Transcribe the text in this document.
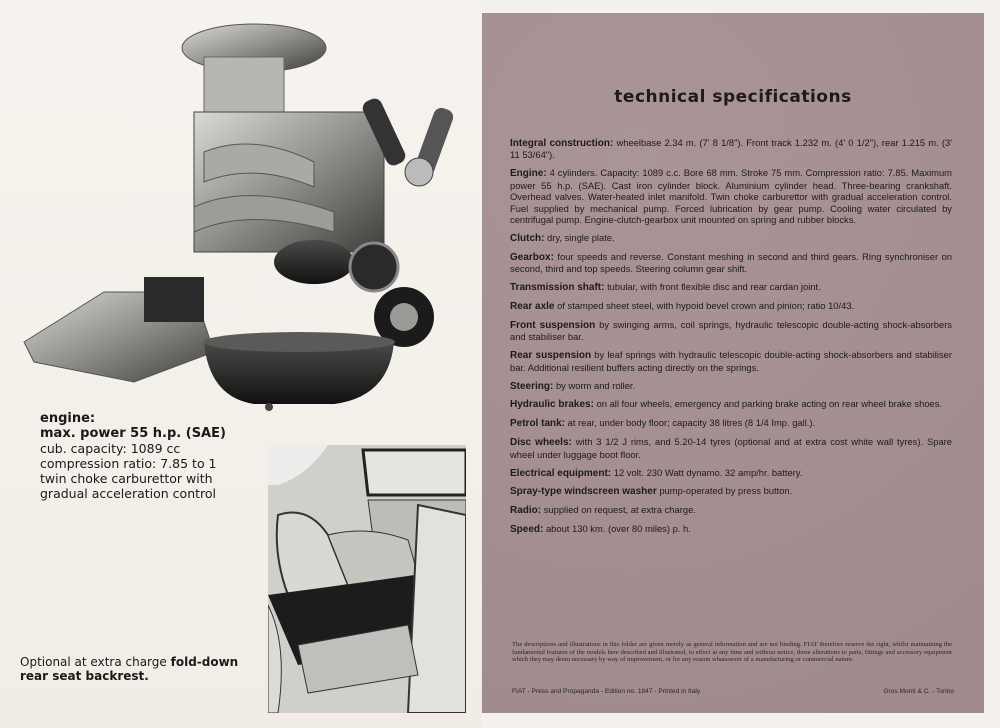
engine:
max. power 55 h.p. (SAE)
cub. capacity: 1089 cc
compression ratio: 7.85 to 1
twin choke carburettor with
gradual acceleration control
Optional at extra charge fold-down
rear seat backrest.
technical specifications

Integral construction: wheelbase 2.34 m. (7' 8 1/8"). Front track 1.232 m. (4' 0 1/2"), rear 1.215 m. (3' 11 53/64").

Engine: 4 cylinders. Capacity: 1089 c.c. Bore 68 mm. Stroke 75 mm. Compression ratio: 7.85. Maximum power 55 h.p. (SAE). Cast iron cylinder block. Aluminium cylinder head. Three-bearing crankshaft. Overhead valves. Water-heated inlet manifold. Twin choke carburettor with gradual acceleration control. Fuel supplied by mechanical pump. Forced lubrication by gear pump. Cooling water circulated by centrifugal pump. Engine-clutch-gearbox unit mounted on spring and rubber blocks.

Clutch: dry, single plate.

Gearbox: four speeds and reverse. Constant meshing in second and third gears. Ring synchroniser on second, third and top speeds. Steering column gear shift.

Transmission shaft: tubular, with front flexible disc and rear cardan joint.

Rear axle of stamped sheet steel, with hypoid bevel crown and pinion; ratio 10/43.

Front suspension by swinging arms, coil springs, hydraulic telescopic double-acting shock-absorbers and stabiliser bar.

Rear suspension by leaf springs with hydraulic telescopic double-acting shock-absorbers and stabiliser bar. Additional resilient buffers acting directly on the springs.

Steering: by worm and roller.

Hydraulic brakes: on all four wheels, emergency and parking brake acting on rear wheel brake shoes.

Petrol tank: at rear, under body floor; capacity 38 litres (8 1/4 Imp. gall.).

Disc wheels: with 3 1/2 J rims, and 5.20-14 tyres (optional and at extra cost white wall tyres). Spare wheel under luggage boot floor.

Electrical equipment: 12 volt. 230 Watt dynamo. 32 amp/hr. battery.

Spray-type windscreen washer pump-operated by press button.

Radio: supplied on request, at extra charge.

Speed: about 130 km. (over 80 miles) p. h.

The descriptions and illustrations in this folder are given merely as general information and are not binding. FIAT therefore reserve the right, whilst maintaining the fundamental features of the models here described and illustrated, to effect at any time and without notice, those alterations to parts, fittings and accessory equipment which they may deem necessary by way of improvement, or for any reason whatsoever of a manufacturing or commercial nature.
FIAT - Press and Propaganda - Edition no. 1847 - Printed in Italy	Gros Monti & C. - Torino
